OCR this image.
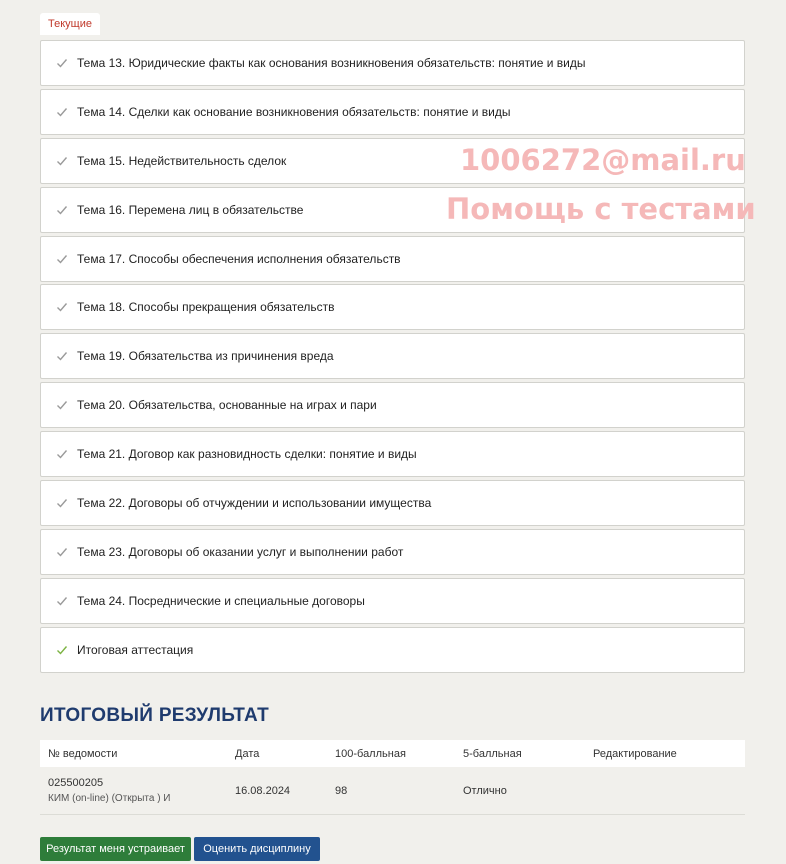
Текущие
Тема 13. Юридические факты как основания возникновения обязательств: понятие и виды
Тема 14. Сделки как основание возникновения обязательств: понятие и виды
Тема 15. Недействительность сделок
Тема 16. Перемена лиц в обязательстве
Тема 17. Способы обеспечения исполнения обязательств
Тема 18. Способы прекращения обязательств
Тема 19. Обязательства из причинения вреда
Тема 20. Обязательства, основанные на играх и пари
Тема 21. Договор как разновидность сделки: понятие и виды
Тема 22. Договоры об отчуждении и использовании имущества
Тема 23. Договоры об оказании услуг и выполнении работ
Тема 24. Посреднические и специальные договоры
Итоговая аттестация
1006272@mail.ru
Помощь с тестами
ИТОГОВЫЙ РЕЗУЛЬТАТ
№ ведомости	Дата	100-балльная	5-балльная	Редактирование
025500205
КИМ (on-line) (Открыта ) И
16.08.2024	98	Отлично
Результат меня устраивает	Оценить дисциплину
